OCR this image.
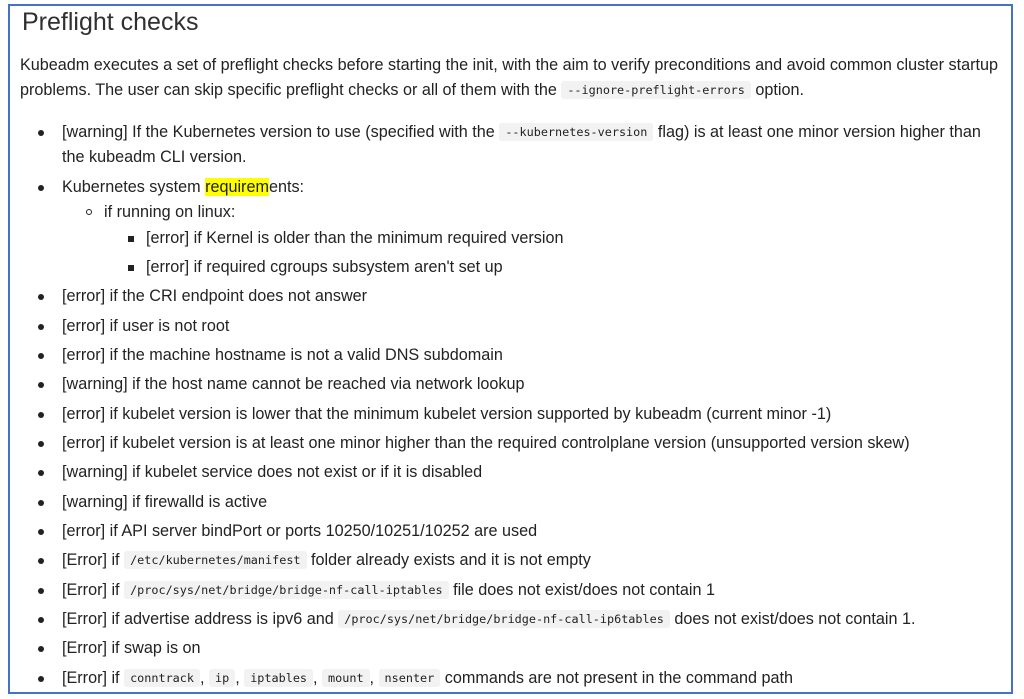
Preflight checks

Kubeadm executes a set of preflight checks before starting the init, with the aim to verify preconditions and avoid common cluster startup problems. The user can skip specific preflight checks or all of them with the --ignore-preflight-errors option.

[warning] If the Kubernetes version to use (specified with the --kubernetes-version flag) is at least one minor version higher than the kubeadm CLI version.
Kubernetes system requirements:
if running on linux:
[error] if Kernel is older than the minimum required version
[error] if required cgroups subsystem aren't set up
[error] if the CRI endpoint does not answer
[error] if user is not root
[error] if the machine hostname is not a valid DNS subdomain
[warning] if the host name cannot be reached via network lookup
[error] if kubelet version is lower that the minimum kubelet version supported by kubeadm (current minor -1)
[error] if kubelet version is at least one minor higher than the required controlplane version (unsupported version skew)
[warning] if kubelet service does not exist or if it is disabled
[warning] if firewalld is active
[error] if API server bindPort or ports 10250/10251/10252 are used
[Error] if /etc/kubernetes/manifest folder already exists and it is not empty
[Error] if /proc/sys/net/bridge/bridge-nf-call-iptables file does not exist/does not contain 1
[Error] if advertise address is ipv6 and /proc/sys/net/bridge/bridge-nf-call-ip6tables does not exist/does not contain 1.
[Error] if swap is on
[Error] if conntrack , ip , iptables , mount , nsenter commands are not present in the command path
